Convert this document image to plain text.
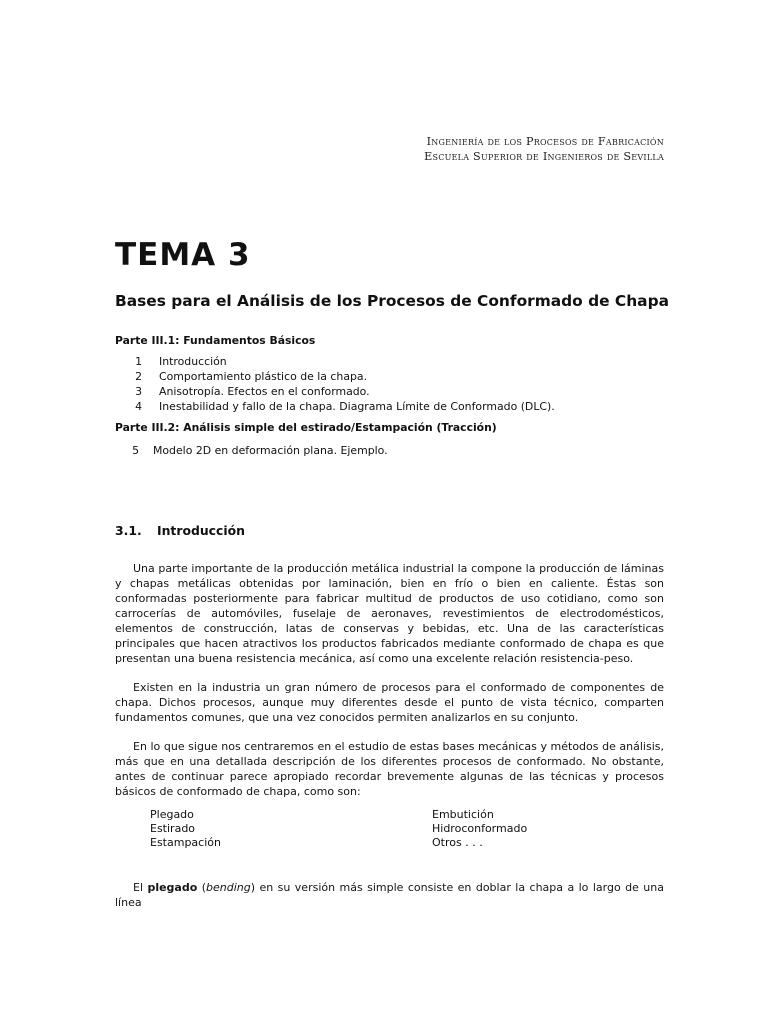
Ingeniería de los Procesos de Fabricación
Escuela Superior de Ingenieros de Sevilla
TEMA 3
Bases para el Análisis de los Procesos de Conformado de Chapa
Parte III.1: Fundamentos Básicos
1 Introducción
2 Comportamiento plástico de la chapa.
3 Anisotropía. Efectos en el conformado.
4 Inestabilidad y fallo de la chapa. Diagrama Límite de Conformado (DLC).
Parte III.2: Análisis simple del estirado/Estampación (Tracción)
5 Modelo 2D en deformación plana. Ejemplo.
3.1. Introducción

Una parte importante de la producción metálica industrial la compone la producción de láminas y chapas metálicas obtenidas por laminación, bien en frío o bien en caliente. Éstas son conformadas posteriormente para fabricar multitud de productos de uso cotidiano, como son carrocerías de automóviles, fuselaje de aeronaves, revestimientos de electrodomésticos, elementos de construcción, latas de conservas y bebidas, etc. Una de las características principales que hacen atractivos los productos fabricados mediante conformado de chapa es que presentan una buena resistencia mecánica, así como una excelente relación resistencia-peso.

Existen en la industria un gran número de procesos para el conformado de componentes de chapa. Dichos procesos, aunque muy diferentes desde el punto de vista técnico, comparten fundamentos comunes, que una vez conocidos permiten analizarlos en su conjunto.

En lo que sigue nos centraremos en el estudio de estas bases mecánicas y métodos de análisis, más que en una detallada descripción de los diferentes procesos de conformado. No obstante, antes de continuar parece apropiado recordar brevemente algunas de las técnicas y procesos básicos de conformado de chapa, como son:

Plegado
Estirado
Estampación
Embutición
Hidroconformado
Otros . . .

El plegado (bending) en su versión más simple consiste en doblar la chapa a lo largo de una línea
